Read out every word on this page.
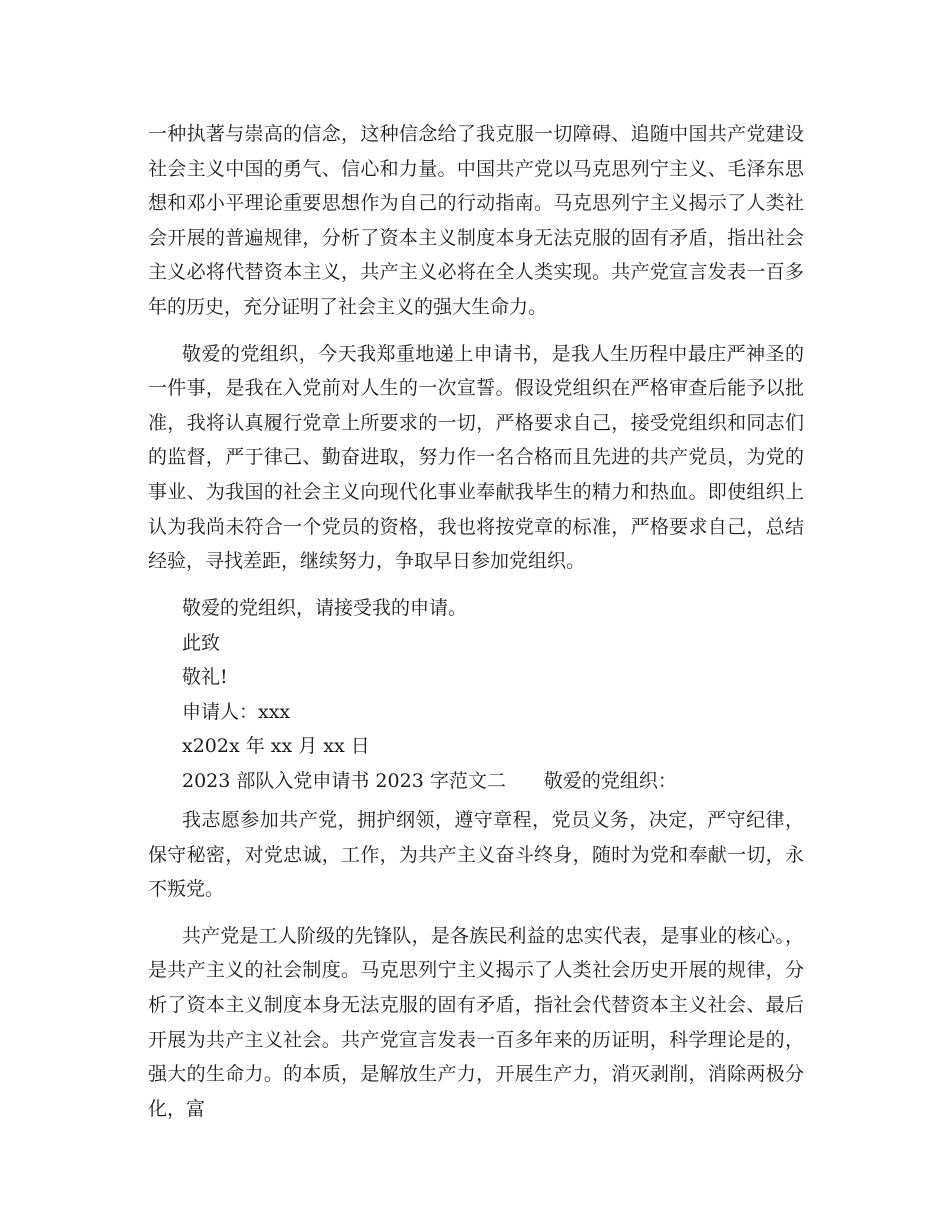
一种执著与崇高的信念，这种信念给了我克服一切障碍、追随中国共产党建设社会主义中国的勇气、信心和力量。中国共产党以马克思列宁主义、毛泽东思想和邓小平理论重要思想作为自己的行动指南。马克思列宁主义揭示了人类社会开展的普遍规律，分析了资本主义制度本身无法克服的固有矛盾，指出社会主义必将代替资本主义，共产主义必将在全人类实现。共产党宣言发表一百多年的历史，充分证明了社会主义的强大生命力。

敬爱的党组织，今天我郑重地递上申请书，是我人生历程中最庄严神圣的一件事，是我在入党前对人生的一次宣誓。假设党组织在严格审查后能予以批准，我将认真履行党章上所要求的一切，严格要求自己，接受党组织和同志们的监督，严于律己、勤奋进取，努力作一名合格而且先进的共产党员，为党的事业、为我国的社会主义向现代化事业奉献我毕生的精力和热血。即使组织上认为我尚未符合一个党员的资格，我也将按党章的标准，严格要求自己，总结经验，寻找差距，继续努力，争取早日参加党组织。

敬爱的党组织，请接受我的申请。

此致

敬礼!

申请人：xxx

x202x 年 xx 月 xx 日

2023 部队入党申请书 2023 字范文二　　敬爱的党组织：

我志愿参加共产党，拥护纲领，遵守章程，党员义务，决定，严守纪律，保守秘密，对党忠诚，工作，为共产主义奋斗终身，随时为党和奉献一切，永不叛党。

共产党是工人阶级的先锋队，是各族民利益的忠实代表，是事业的核心。，是共产主义的社会制度。马克思列宁主义揭示了人类社会历史开展的规律，分析了资本主义制度本身无法克服的固有矛盾，指社会代替资本主义社会、最后开展为共产主义社会。共产党宣言发表一百多年来的历证明，科学理论是的，强大的生命力。的本质，是解放生产力，开展生产力，消灭剥削，消除两极分化，富
